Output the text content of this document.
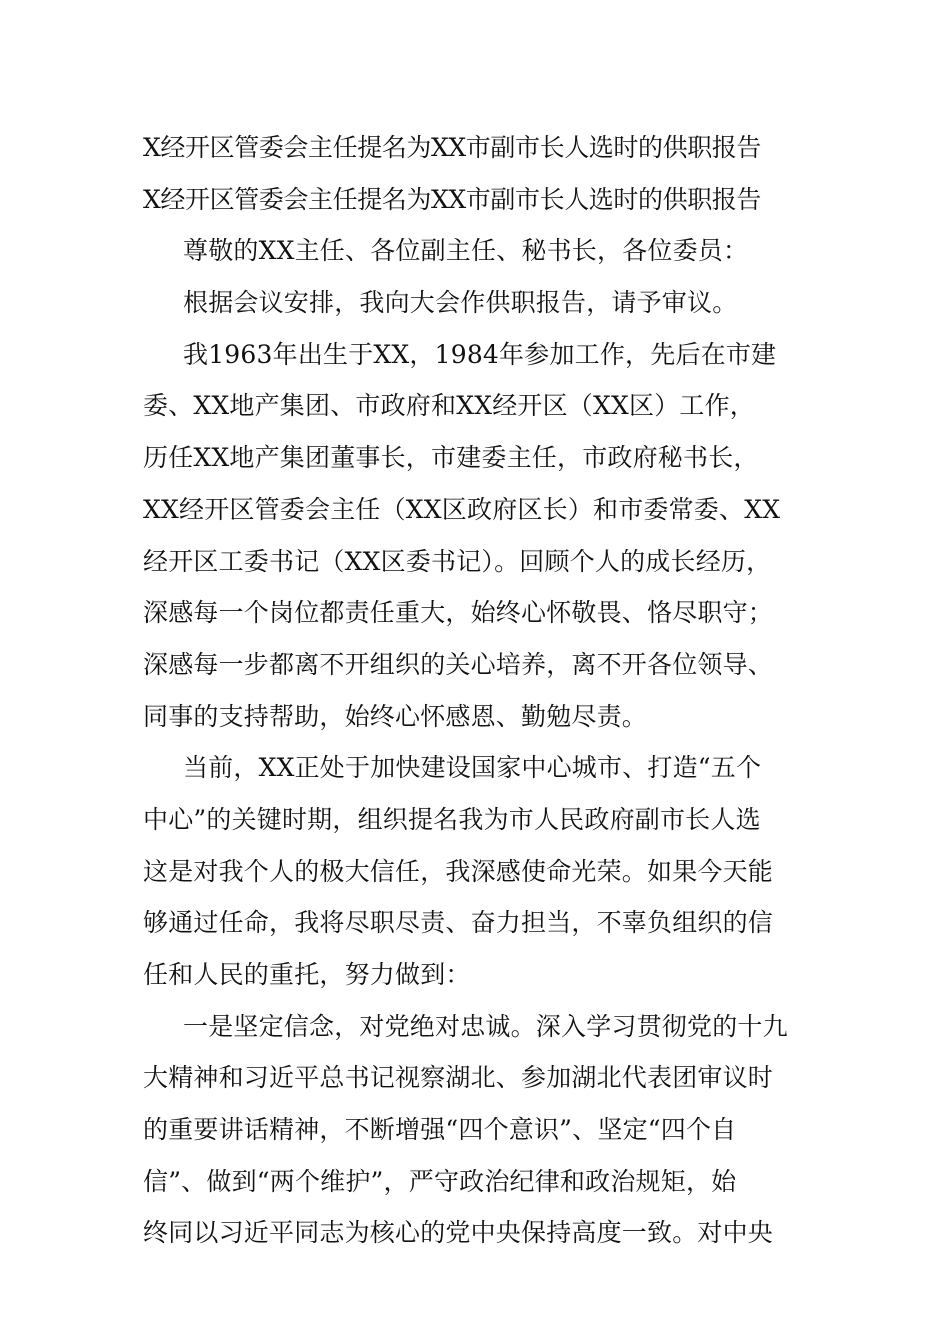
X经开区管委会主任提名为XX市副市长人选时的供职报告
X经开区管委会主任提名为XX市副市长人选时的供职报告
尊敬的XX主任、各位副主任、秘书长，各位委员：
根据会议安排，我向大会作供职报告，请予审议。
我1963年出生于XX，1984年参加工作，先后在市建
委、XX地产集团、市政府和XX经开区（XX区）工作，
历任XX地产集团董事长，市建委主任，市政府秘书长，
XX经开区管委会主任（XX区政府区长）和市委常委、XX
经开区工委书记（XX区委书记）。回顾个人的成长经历，
深感每一个岗位都责任重大，始终心怀敬畏、恪尽职守；
深感每一步都离不开组织的关心培养，离不开各位领导、
同事的支持帮助，始终心怀感恩、勤勉尽责。
当前，XX正处于加快建设国家中心城市、打造“五个
中心”的关键时期，组织提名我为市人民政府副市长人选
这是对我个人的极大信任，我深感使命光荣。如果今天能
够通过任命，我将尽职尽责、奋力担当，不辜负组织的信
任和人民的重托，努力做到：
一是坚定信念，对党绝对忠诚。深入学习贯彻党的十九
大精神和习近平总书记视察湖北、参加湖北代表团审议时
的重要讲话精神，不断增强“四个意识”、坚定“四个自
信”、做到“两个维护”，严守政治纪律和政治规矩，始
终同以习近平同志为核心的党中央保持高度一致。对中央
